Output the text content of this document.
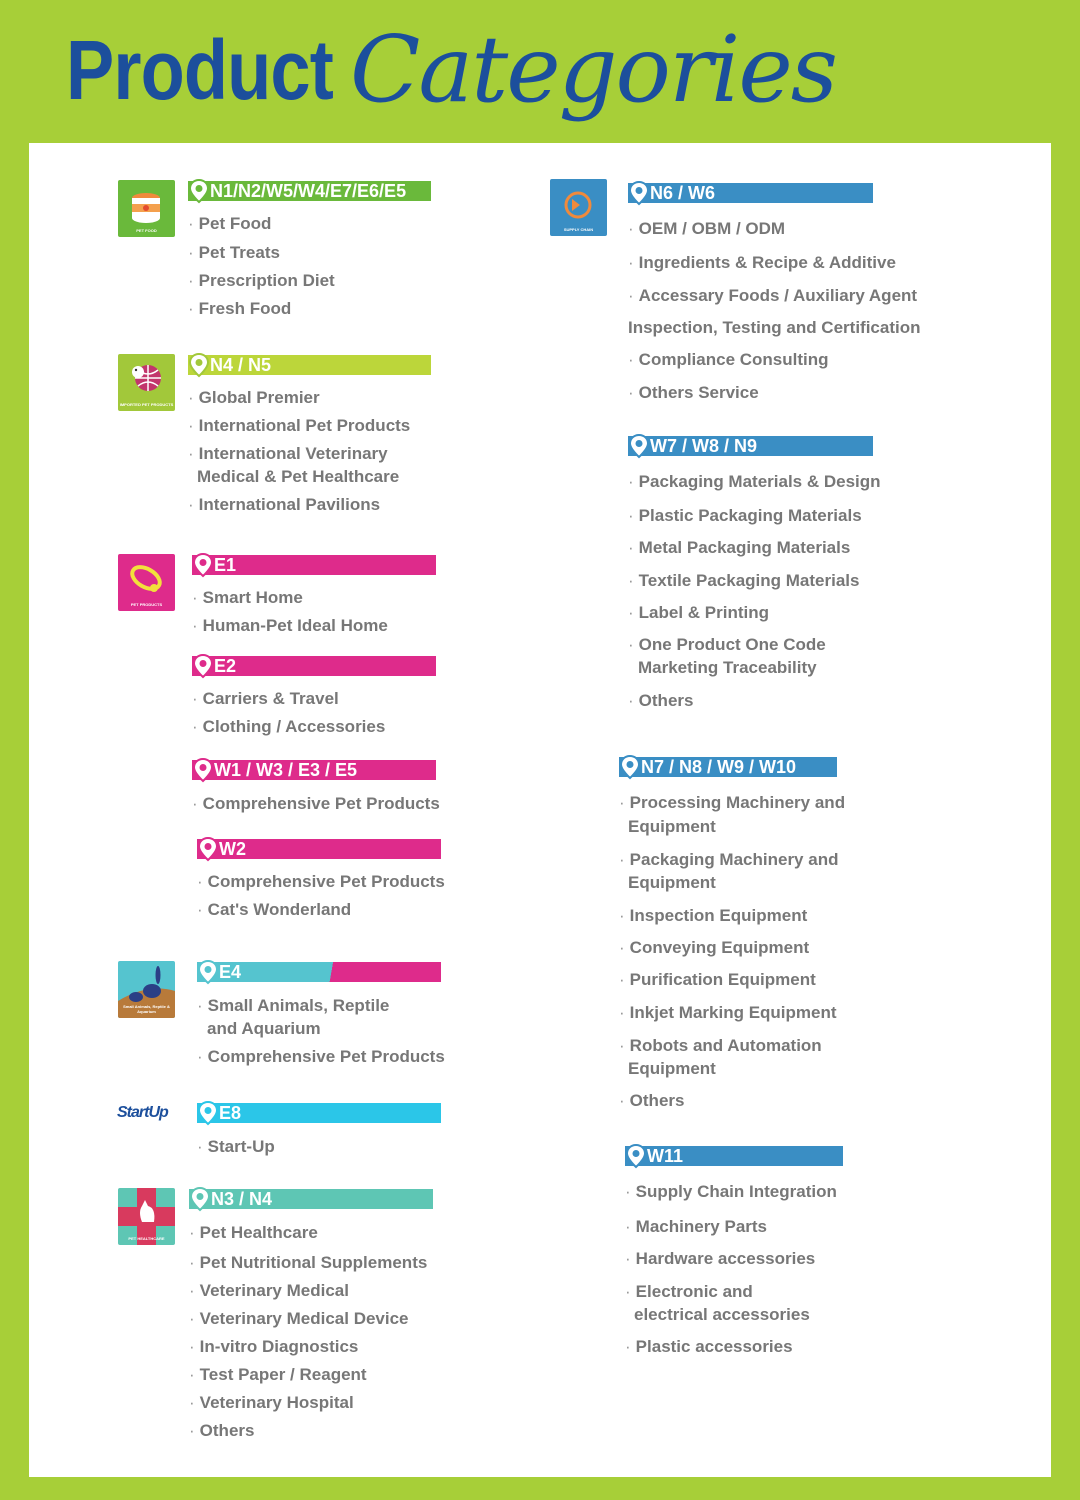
Product Categories
PET FOOD
IMPORTED PET PRODUCTS
PET PRODUCTS
Small Animals, Reptile & Aquarium
StartUp
PET HEALTHCARE
SUPPLY CHAIN
N1/N2/W5/W4/E7/E6/E5
· Pet Food
· Pet Treats
· Prescription Diet
· Fresh Food
N4 / N5
· Global Premier
· International Pet Products
· International Veterinary
Medical & Pet Healthcare
· International Pavilions
E1
· Smart Home
· Human-Pet Ideal Home
E2
· Carriers & Travel
· Clothing / Accessories
W1 / W3 / E3 / E5
· Comprehensive Pet Products
W2
· Comprehensive Pet Products
· Cat's Wonderland
E4
· Small Animals, Reptile
and Aquarium
· Comprehensive Pet Products
E8
· Start-Up
N3 / N4
· Pet Healthcare
· Pet Nutritional Supplements
· Veterinary Medical
· Veterinary Medical Device
· In-vitro Diagnostics
· Test Paper / Reagent
· Veterinary Hospital
· Others
N6 / W6
· OEM / OBM / ODM
· Ingredients & Recipe & Additive
· Accessary Foods / Auxiliary Agent
Inspection, Testing and Certification
· Compliance Consulting
· Others Service
W7 / W8 / N9
· Packaging Materials & Design
· Plastic Packaging Materials
· Metal Packaging Materials
· Textile Packaging Materials
· Label & Printing
· One Product One Code
Marketing Traceability
· Others
N7 / N8 / W9 / W10
· Processing Machinery and
Equipment
· Packaging Machinery and
Equipment
· Inspection Equipment
· Conveying Equipment
· Purification Equipment
· Inkjet Marking Equipment
· Robots and Automation
Equipment
· Others
W11
· Supply Chain Integration
· Machinery Parts
· Hardware accessories
· Electronic and
electrical accessories
· Plastic accessories
